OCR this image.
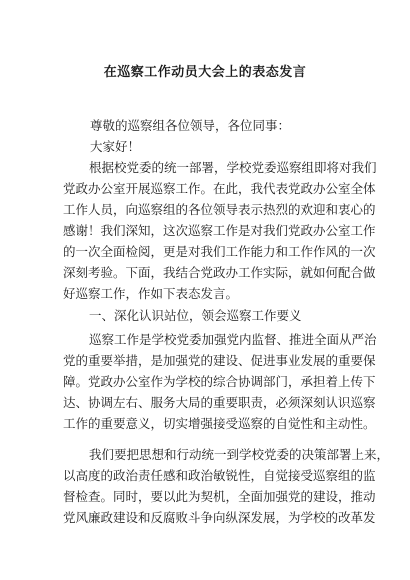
在巡察工作动员大会上的表态发言
尊敬的巡察组各位领导，各位同事：
大家好！
根据校党委的统一部署，学校党委巡察组即将对我们
党政办公室开展巡察工作。在此，我代表党政办公室全体
工作人员，向巡察组的各位领导表示热烈的欢迎和衷心的
感谢！我们深知，这次巡察工作是对我们党政办公室工作
的一次全面检阅，更是对我们工作能力和工作作风的一次
深刻考验。下面，我结合党政办工作实际，就如何配合做
好巡察工作，作如下表态发言。
一、深化认识站位，领会巡察工作要义
巡察工作是学校党委加强党内监督、推进全面从严治
党的重要举措，是加强党的建设、促进事业发展的重要保
障。党政办公室作为学校的综合协调部门，承担着上传下
达、协调左右、服务大局的重要职责，必须深刻认识巡察
工作的重要意义，切实增强接受巡察的自觉性和主动性。
我们要把思想和行动统一到学校党委的决策部署上来，
以高度的政治责任感和政治敏锐性，自觉接受巡察组的监
督检查。同时，要以此为契机，全面加强党的建设，推动
党风廉政建设和反腐败斗争向纵深发展，为学校的改革发
